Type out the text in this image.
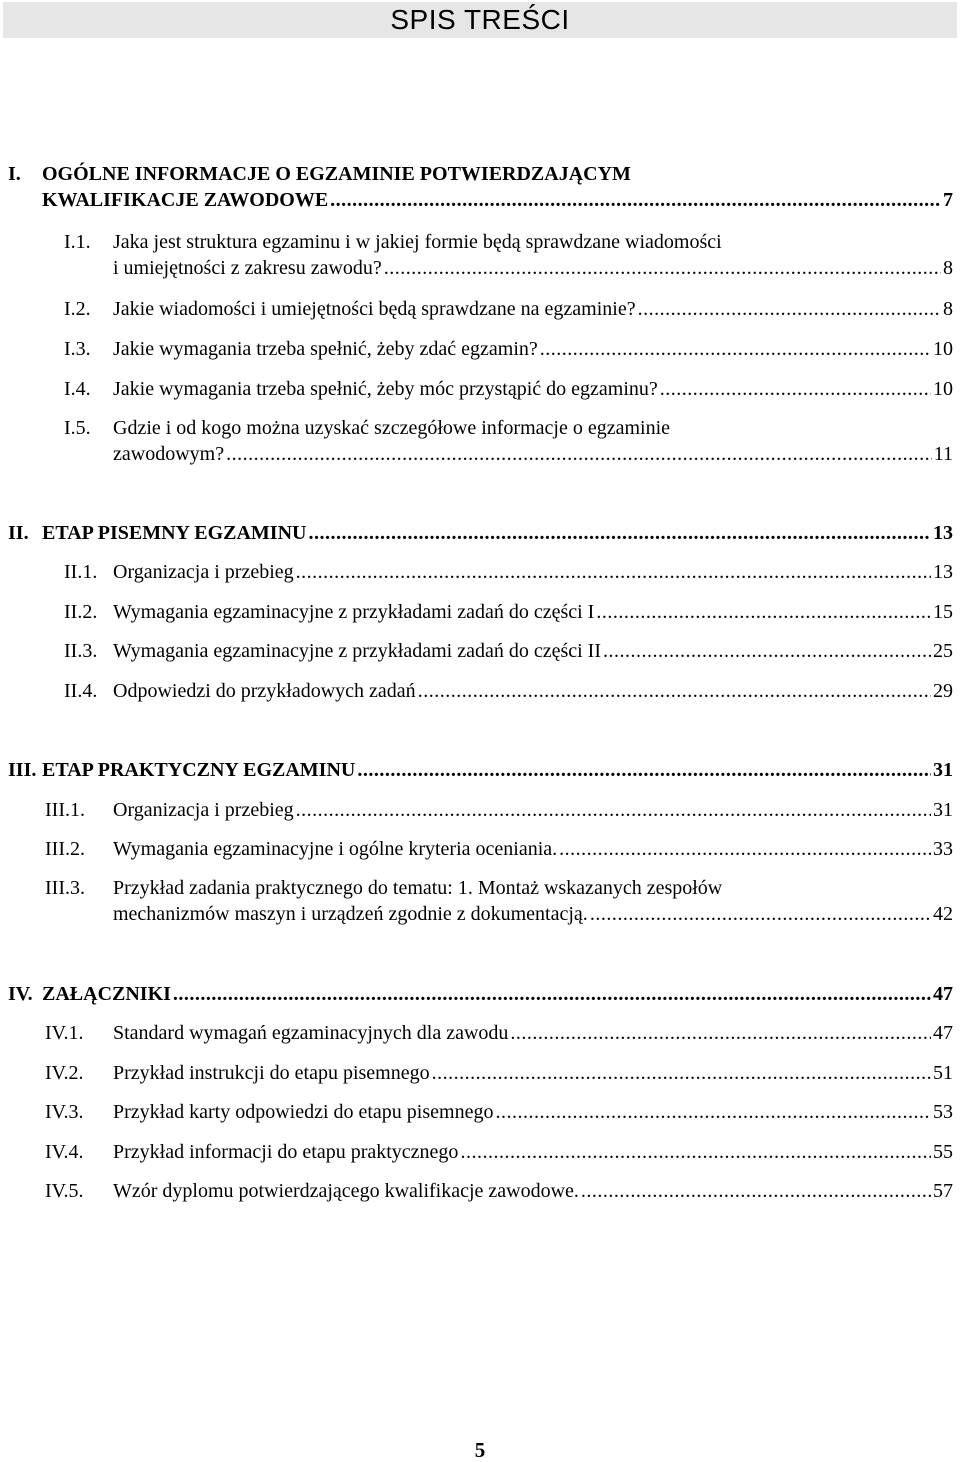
SPIS TREŚCI
I. OGÓLNE INFORMACJE O EGZAMINIE POTWIERDZAJĄCYM
KWALIFIKACJE ZAWODOWE .....	7
I.1. Jaka jest struktura egzaminu i w jakiej formie będą sprawdzane wiadomości
i umiejętności z zakresu zawodu? .....	8
I.2. Jakie wiadomości i umiejętności będą sprawdzane na egzaminie? .....	8
I.3. Jakie wymagania trzeba spełnić, żeby zdać egzamin? .....	10
I.4. Jakie wymagania trzeba spełnić, żeby móc przystąpić do egzaminu? .....	10
I.5. Gdzie i od kogo można uzyskać szczegółowe informacje o egzaminie
zawodowym? .....	11
II. ETAP PISEMNY EGZAMINU .....	13
II.1. Organizacja i przebieg .....	13
II.2. Wymagania egzaminacyjne z przykładami zadań do części I .....	15
II.3. Wymagania egzaminacyjne z przykładami zadań do części II .....	25
II.4. Odpowiedzi do przykładowych zadań .....	29
III. ETAP PRAKTYCZNY EGZAMINU .....	31
III.1. Organizacja i przebieg .....	31
III.2. Wymagania egzaminacyjne i ogólne kryteria oceniania. .....	33
III.3. Przykład zadania praktycznego do tematu: 1. Montaż wskazanych zespołów
mechanizmów maszyn i urządzeń zgodnie z dokumentacją. .....	42
IV. ZAŁĄCZNIKI .....	47
IV.1. Standard wymagań egzaminacyjnych dla zawodu .....	47
IV.2. Przykład instrukcji do etapu pisemnego .....	51
IV.3. Przykład karty odpowiedzi do etapu pisemnego .....	53
IV.4. Przykład informacji do etapu praktycznego .....	55
IV.5. Wzór dyplomu potwierdzającego kwalifikacje zawodowe. .....	57
5
